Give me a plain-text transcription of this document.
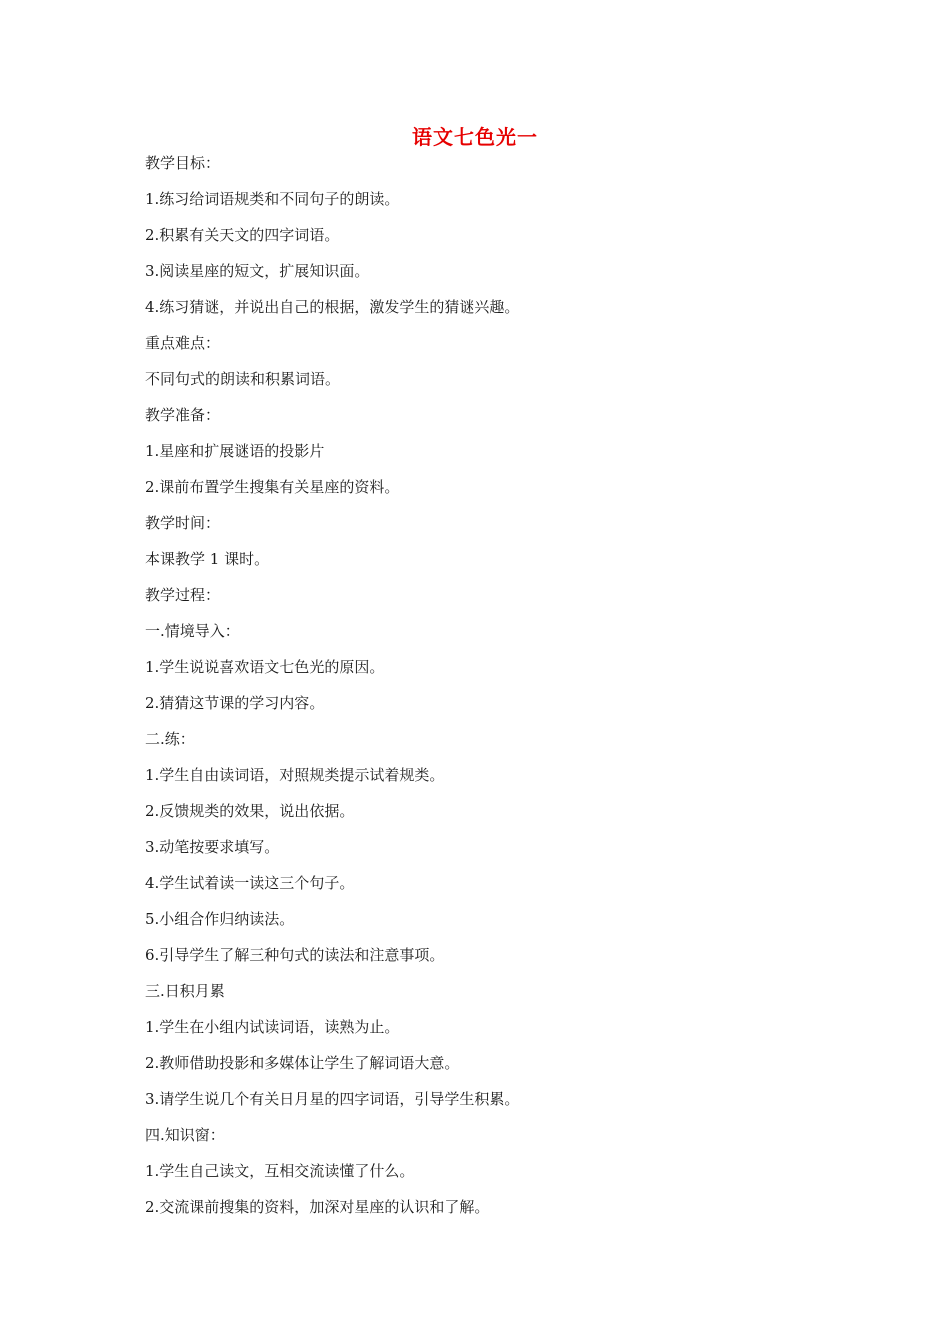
语文七色光一
教学目标：
1.练习给词语规类和不同句子的朗读。
2.积累有关天文的四字词语。
3.阅读星座的短文，扩展知识面。
4.练习猜谜，并说出自己的根据，激发学生的猜谜兴趣。
重点难点：
不同句式的朗读和积累词语。
教学准备：
1.星座和扩展谜语的投影片
2.课前布置学生搜集有关星座的资料。
教学时间：
本课教学 1 课时。
教学过程：
一.情境导入：
1.学生说说喜欢语文七色光的原因。
2.猜猜这节课的学习内容。
二.练：
1.学生自由读词语，对照规类提示试着规类。
2.反馈规类的效果，说出依据。
3.动笔按要求填写。
4.学生试着读一读这三个句子。
5.小组合作归纳读法。
6.引导学生了解三种句式的读法和注意事项。
三.日积月累
1.学生在小组内试读词语，读熟为止。
2.教师借助投影和多媒体让学生了解词语大意。
3.请学生说几个有关日月星的四字词语，引导学生积累。
四.知识窗：
1.学生自己读文，互相交流读懂了什么。
2.交流课前搜集的资料，加深对星座的认识和了解。
